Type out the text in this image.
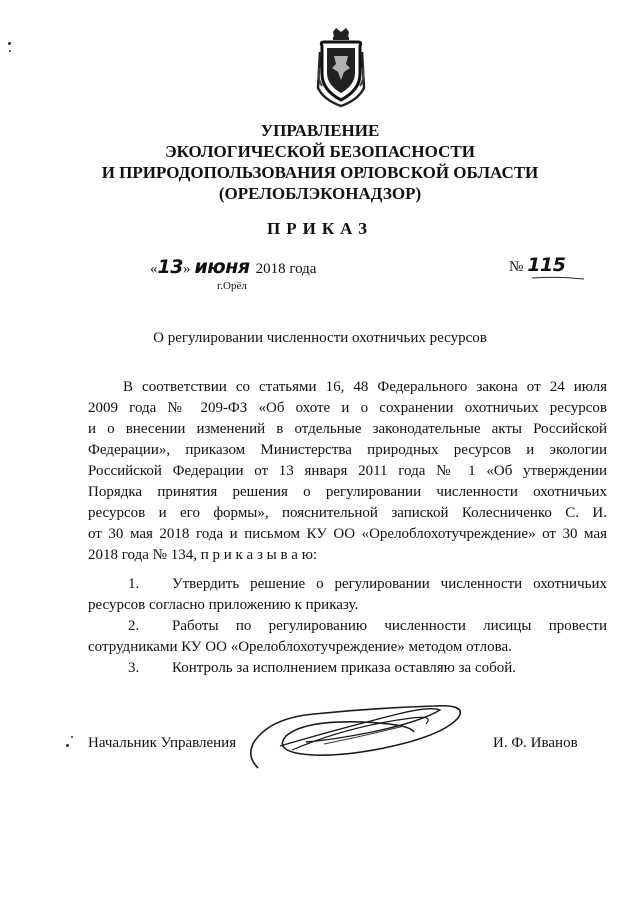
УПРАВЛЕНИЕ
ЭКОЛОГИЧЕСКОЙ БЕЗОПАСНОСТИ
И ПРИРОДОПОЛЬЗОВАНИЯ ОРЛОВСКОЙ ОБЛАСТИ
(ОРЕЛОБЛЭКОНАДЗОР)
ПРИКАЗ
«13» июня 2018 года
г.Орёл
№ 115
О регулировании численности охотничьих ресурсов
В соответствии со статьями 16, 48 Федерального закона от 24 июля
2009 года № 209-ФЗ «Об охоте и о сохранении охотничьих ресурсов
и о внесении изменений в отдельные законодательные акты Российской
Федерации», приказом Министерства природных ресурсов и экологии
Российской Федерации от 13 января 2011 года № 1 «Об утверждении
Порядка принятия решения о регулировании численности охотничьих
ресурсов и его формы», пояснительной запиской Колесниченко С. И.
от 30 мая 2018 года и письмом КУ ОО «Орелоблохотучреждение» от 30 мая
2018 года № 134, п р и к а з ы в а ю:
1. Утвердить решение о регулировании численности охотничьих
ресурсов согласно приложению к приказу.
2. Работы по регулированию численности лисицы провести
сотрудниками КУ ОО «Орелоблохотучреждение» методом отлова.
3. Контроль за исполнением приказа оставляю за собой.
Начальник Управления	И. Ф. Иванов
